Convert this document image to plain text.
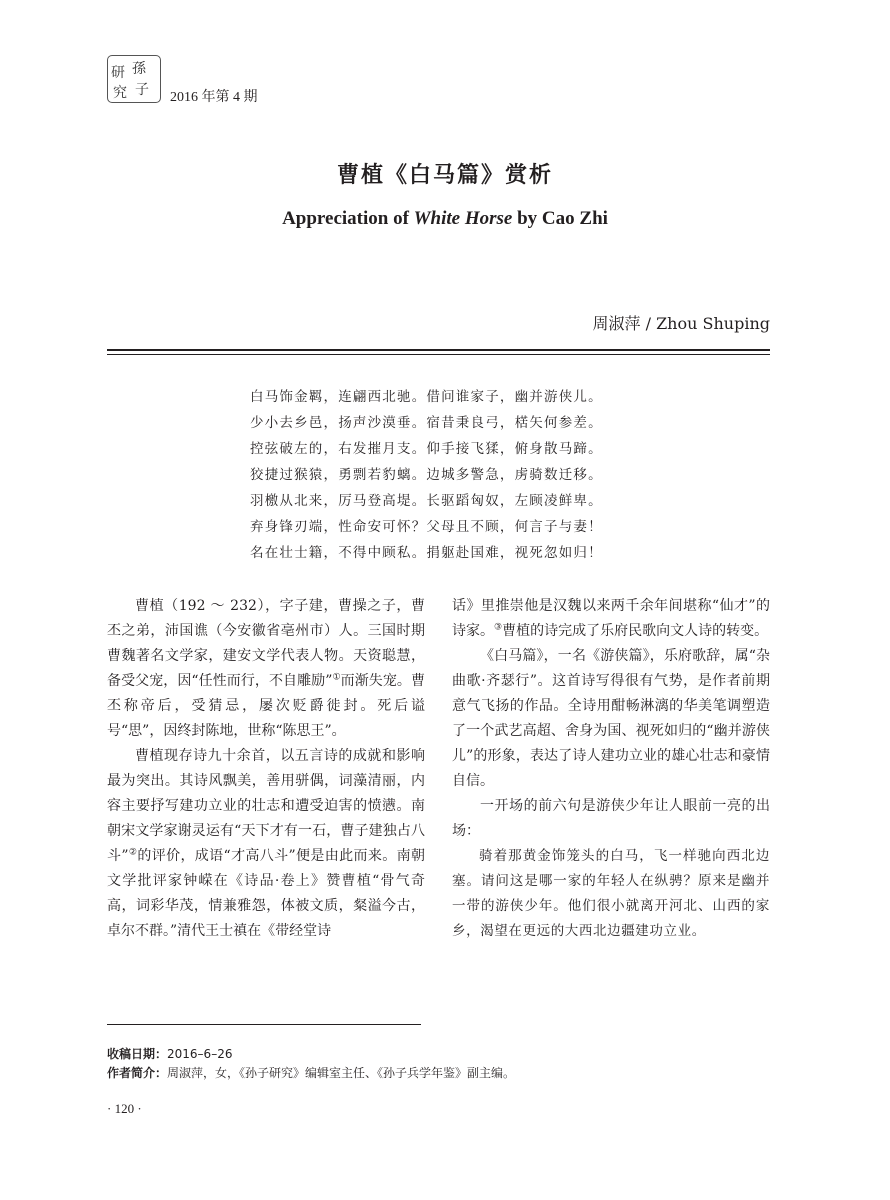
研 孫
究 子 2016 年第 4 期
曹植《白马篇》赏析
Appreciation of White Horse by Cao Zhi
周淑萍 / Zhou Shuping
白马饰金羁，连翩西北驰。借问谁家子，幽并游侠儿。
少小去乡邑，扬声沙漠垂。宿昔秉良弓，楛矢何参差。
控弦破左的，右发摧月支。仰手接飞猱，俯身散马蹄。
狡捷过猴猿，勇剽若豹螭。边城多警急，虏骑数迁移。
羽檄从北来，厉马登高堤。长驱蹈匈奴，左顾凌鲜卑。
弃身锋刃端，性命安可怀？父母且不顾，何言子与妻！
名在壮士籍，不得中顾私。捐躯赴国难，视死忽如归！

曹植（192 ～ 232），字子建，曹操之子，曹丕之弟，沛国谯（今安徽省亳州市）人。三国时期曹魏著名文学家，建安文学代表人物。天资聪慧，备受父宠，因“任性而行，不自雕励”①而渐失宠。曹丕称帝后，受猜忌，屡次贬爵徙封。死后谥号“思”，因终封陈地，世称“陈思王”。

曹植现存诗九十余首，以五言诗的成就和影响最为突出。其诗风飘美，善用骈偶，词藻清丽，内容主要抒写建功立业的壮志和遭受迫害的愤懑。南朝宋文学家谢灵运有“天下才有一石，曹子建独占八斗”②的评价，成语“才高八斗”便是由此而来。南朝文学批评家钟嵘在《诗品·卷上》赞曹植“骨气奇高，词彩华茂，情兼雅怨，体被文质，粲溢今古，卓尔不群。”清代王士禛在《带经堂诗

话》里推崇他是汉魏以来两千余年间堪称“仙才”的诗家。③曹植的诗完成了乐府民歌向文人诗的转变。

《白马篇》，一名《游侠篇》，乐府歌辞，属“杂曲歌·齐瑟行”。这首诗写得很有气势，是作者前期意气飞扬的作品。全诗用酣畅淋漓的华美笔调塑造了一个武艺高超、舍身为国、视死如归的“幽并游侠儿”的形象，表达了诗人建功立业的雄心壮志和豪情自信。

一开场的前六句是游侠少年让人眼前一亮的出场：

骑着那黄金饰笼头的白马，飞一样驰向西北边塞。请问这是哪一家的年轻人在纵骋？原来是幽并一带的游侠少年。他们很小就离开河北、山西的家乡，渴望在更远的大西北边疆建功立业。

收稿日期：2016–6–26
作者简介：周淑萍，女，《孙子研究》编辑室主任、《孙子兵学年鉴》副主编。
· 120 ·
